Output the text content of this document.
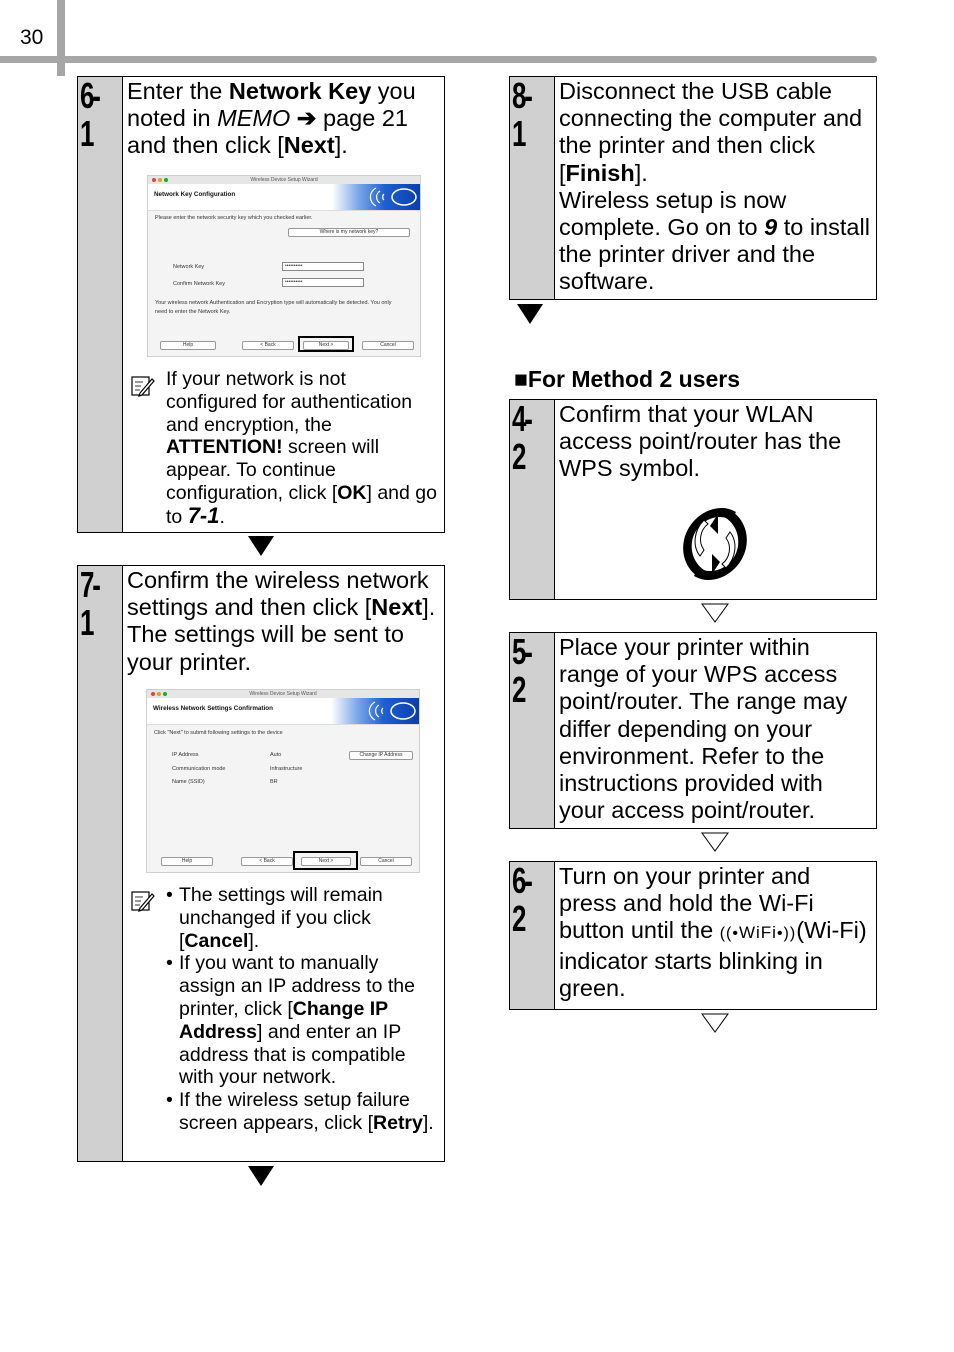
30
6-1
Enter the Network Key you noted in MEMO ➔ page 21 and then click [Next].
Wireless Device Setup Wizard
Network Key Configuration
Please enter the network security key which you checked earlier.
Where is my network key?
Network Key	••••••••••
Confirm Network Key	••••••••••
Your wireless network Authentication and Encryption type will automatically be detected. You only
need to enter the Network Key.
Help	< Back	Next >	Cancel
If your network is not configured for authentication and encryption, the ATTENTION! screen will appear. To continue configuration, click [OK] and go to 7-1.
7-1
Confirm the wireless network settings and then click [Next]. The settings will be sent to your printer.
Wireless Device Setup Wizard
Wireless Network Settings Confirmation
Click "Next" to submit following settings to the device
IP Address	Auto	Change IP Address
Communication mode	Infrastructure
Name (SSID)	BR
Help	< Back	Next >	Cancel
• The settings will remain unchanged if you click [Cancel].
• If you want to manually assign an IP address to the printer, click [Change IP Address] and enter an IP address that is compatible with your network.
• If the wireless setup failure screen appears, click [Retry].
8-1
Disconnect the USB cable connecting the computer and the printer and then click [Finish].
Wireless setup is now complete. Go on to 9 to install the printer driver and the software.
■For Method 2 users
4-2
Confirm that your WLAN access point/router has the WPS symbol.
5-2
Place your printer within range of your WPS access point/router. The range may differ depending on your environment. Refer to the instructions provided with your access point/router.
6-2
Turn on your printer and press and hold the Wi-Fi button until the ((•WiFi•))(Wi-Fi) indicator starts blinking in green.
